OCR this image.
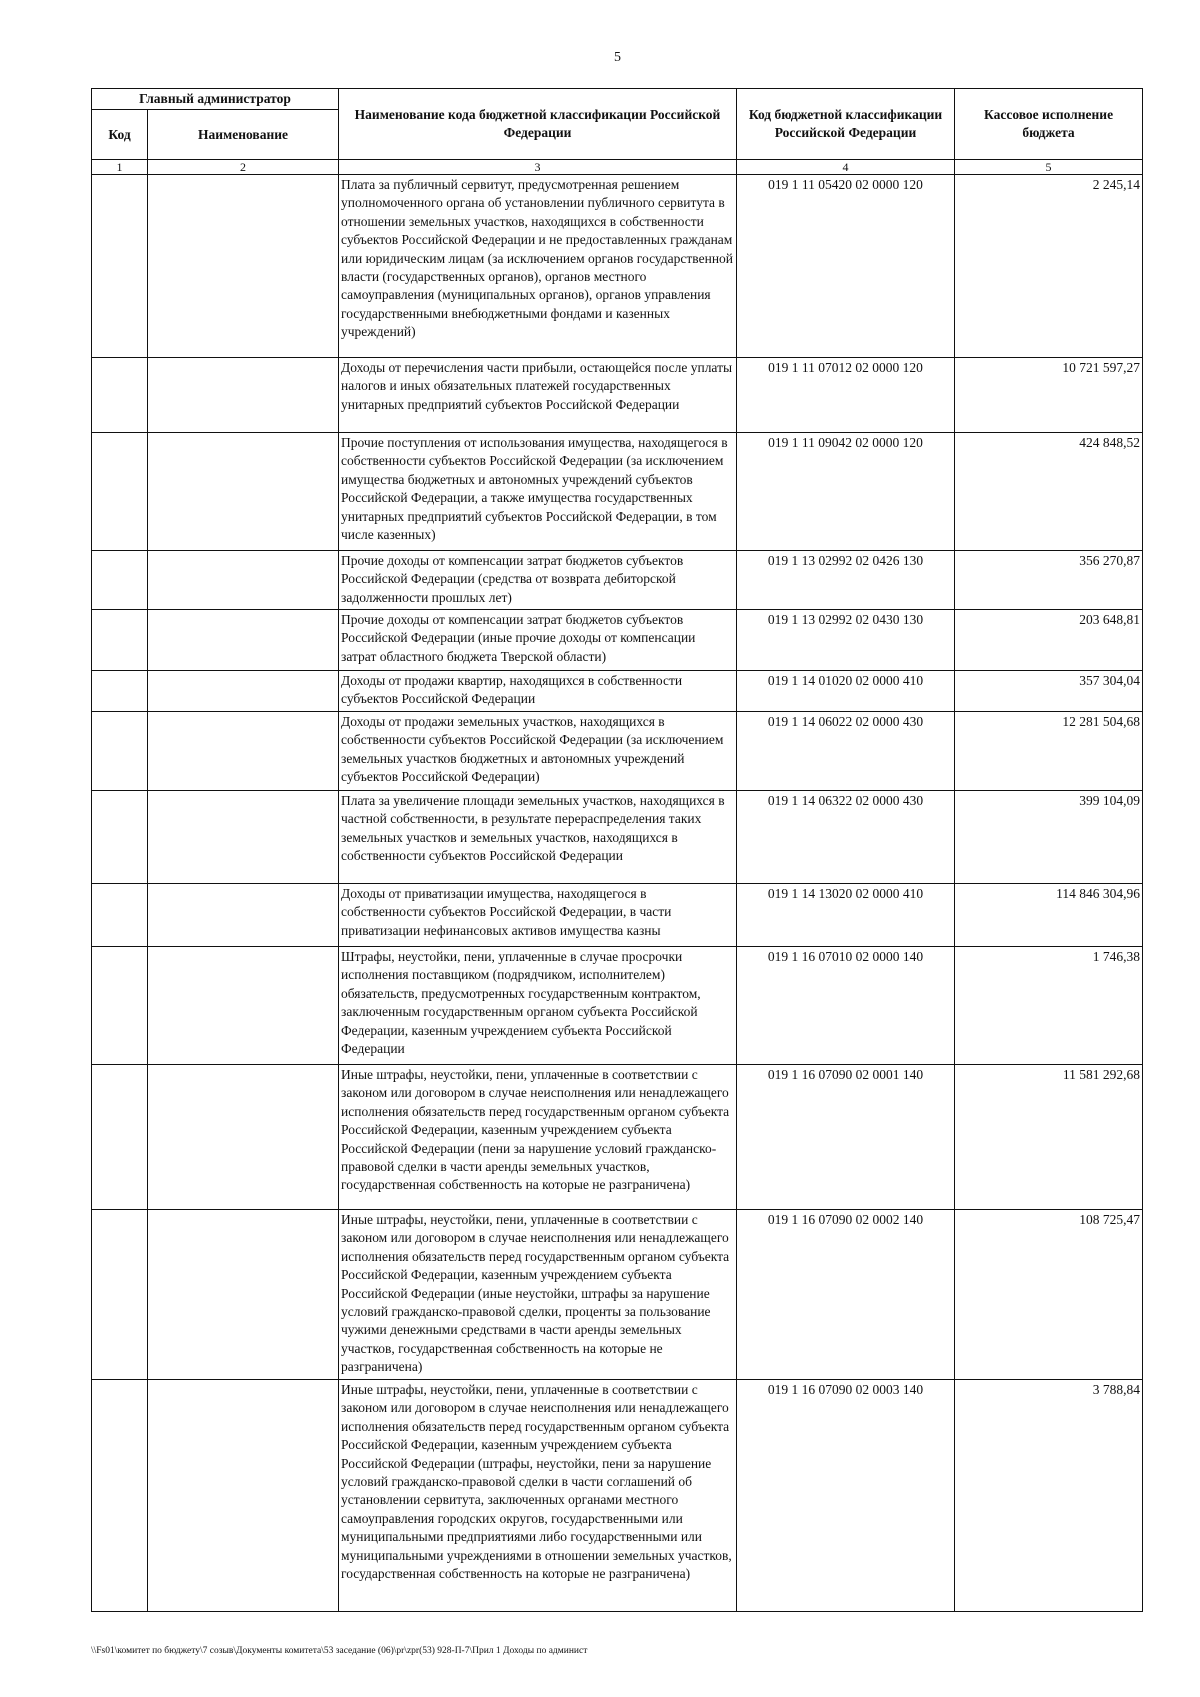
5
Главный администратор		Наименование кода бюджетной классификации Российской Федерации	Код бюджетной классификации Российской Федерации	Кассовое исполнение бюджета
Код	Наименование			
1	2	3	4	5
		Плата за публичный сервитут, предусмотренная решением уполномоченного органа об установлении публичного сервитута в отношении земельных участков, находящихся в собственности субъектов Российской Федерации и не предоставленных гражданам или юридическим лицам (за исключением органов государственной власти (государственных органов), органов местного самоуправления (муниципальных органов), органов управления государственными внебюджетными фондами и казенных учреждений)	019 1 11 05420 02 0000 120	2 245,14
		Доходы от перечисления части прибыли, остающейся после уплаты налогов и иных обязательных платежей государственных унитарных предприятий субъектов Российской Федерации	019 1 11 07012 02 0000 120	10 721 597,27
		Прочие поступления от использования имущества, находящегося в собственности субъектов Российской Федерации (за исключением имущества бюджетных и автономных учреждений субъектов Российской Федерации, а также имущества государственных унитарных предприятий субъектов Российской Федерации, в том числе казенных)	019 1 11 09042 02 0000 120	424 848,52
		Прочие доходы от компенсации затрат бюджетов субъектов Российской Федерации (средства от возврата дебиторской задолженности прошлых лет)	019 1 13 02992 02 0426 130	356 270,87
		Прочие доходы от компенсации затрат бюджетов субъектов Российской Федерации (иные прочие доходы от компенсации затрат областного бюджета Тверской области)	019 1 13 02992 02 0430 130	203 648,81
		Доходы от продажи квартир, находящихся в собственности субъектов Российской Федерации	019 1 14 01020 02 0000 410	357 304,04
		Доходы от продажи земельных участков, находящихся в собственности субъектов Российской Федерации (за исключением земельных участков бюджетных и автономных учреждений субъектов Российской Федерации)	019 1 14 06022 02 0000 430	12 281 504,68
		Плата за увеличение площади земельных участков, находящихся в частной собственности, в результате перераспределения таких земельных участков и земельных участков, находящихся в собственности субъектов Российской Федерации	019 1 14 06322 02 0000 430	399 104,09
		Доходы от приватизации имущества, находящегося в собственности субъектов Российской Федерации, в части приватизации нефинансовых активов имущества казны	019 1 14 13020 02 0000 410	114 846 304,96
		Штрафы, неустойки, пени, уплаченные в случае просрочки исполнения поставщиком (подрядчиком, исполнителем) обязательств, предусмотренных государственным контрактом, заключенным государственным органом субъекта Российской Федерации, казенным учреждением субъекта Российской Федерации	019 1 16 07010 02 0000 140	1 746,38
		Иные штрафы, неустойки, пени, уплаченные в соответствии с законом или договором в случае неисполнения или ненадлежащего исполнения обязательств перед государственным органом субъекта Российской Федерации, казенным учреждением субъекта Российской Федерации (пени за нарушение условий гражданско-правовой сделки в части аренды земельных участков, государственная собственность на которые не разграничена)	019 1 16 07090 02 0001 140	11 581 292,68
		Иные штрафы, неустойки, пени, уплаченные в соответствии с законом или договором в случае неисполнения или ненадлежащего исполнения обязательств перед государственным органом субъекта Российской Федерации, казенным учреждением субъекта Российской Федерации (иные неустойки, штрафы за нарушение условий гражданско-правовой сделки, проценты за пользование чужими денежными средствами в части аренды земельных участков, государственная собственность на которые не разграничена)	019 1 16 07090 02 0002 140	108 725,47
		Иные штрафы, неустойки, пени, уплаченные в соответствии с законом или договором в случае неисполнения или ненадлежащего исполнения обязательств перед государственным органом субъекта Российской Федерации, казенным учреждением субъекта Российской Федерации (штрафы, неустойки, пени за нарушение условий гражданско-правовой сделки в части соглашений об установлении сервитута, заключенных органами местного самоуправления городских округов, государственными или муниципальными предприятиями либо государственными или муниципальными учреждениями в отношении земельных участков, государственная собственность на которые не разграничена)	019 1 16 07090 02 0003 140	3 788,84
\\Fs01\комитет по бюджету\7 созыв\Документы комитета\53 заседание (06)\pr\zpr(53) 928-П-7\Прил 1 Доходы по админист
